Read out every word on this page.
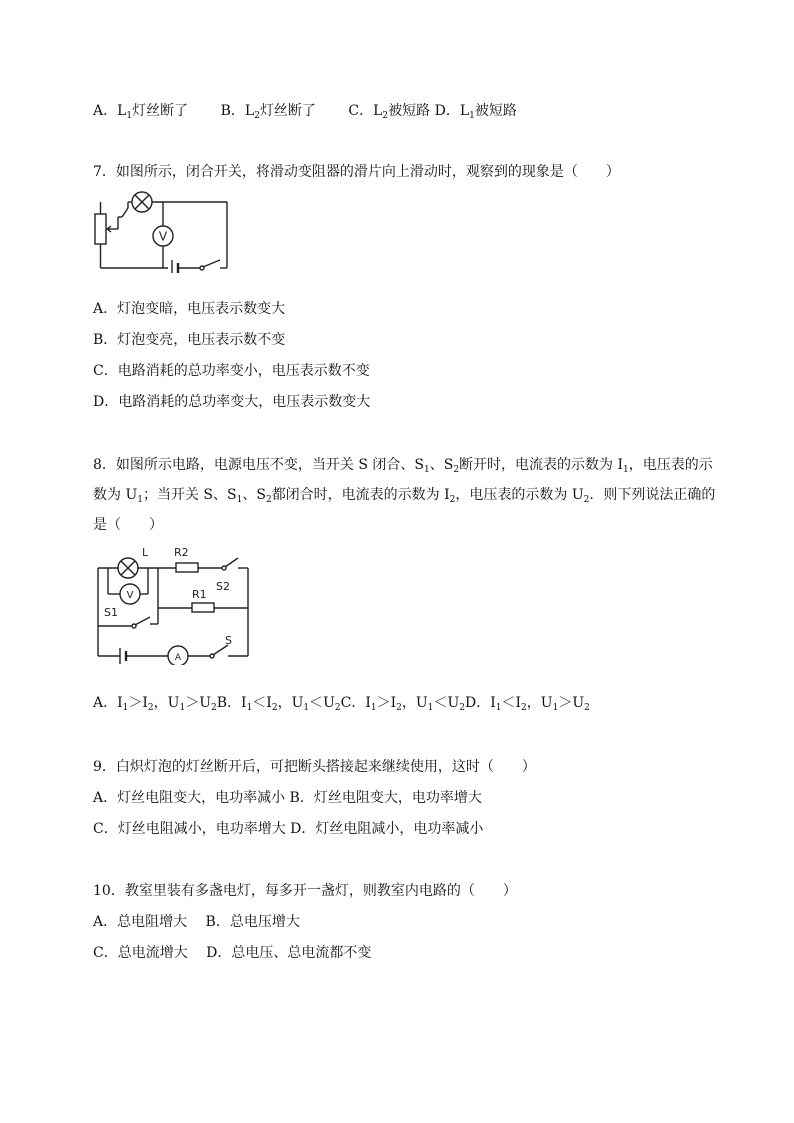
A．$L_1$灯丝断了　　 B．$L_2$灯丝断了　　 C．$L_2$被短路 D．$L_1$被短路
7．如图所示，闭合开关，将滑动变阻器的滑片向上滑动时，观察到的现象是（　　）
V
A．灯泡变暗，电压表示数变大
B．灯泡变亮，电压表示数不变
C．电路消耗的总功率变小，电压表示数不变
D．电路消耗的总功率变大，电压表示数变大
8．如图所示电路，电源电压不变，当开关 S 闭合、$S_1$、$S_2$断开时，电流表的示数为 $I_1$，电压表的示
数为 $U_1$；当开关 S、$S_1$、$S_2$都闭合时，电流表的示数为 $I_2$，电压表的示数为 $U_2$．则下列说法正确的
是（　　）
L R2
S2
V
S1
R1
A
S
A．$I_1>I_2$，$U_1>U_2B$．$I_1<I_2$，$U_1<U_2C$．$I_1>I_2$，$U_1<U_2D$．$I_1<I_2$，$U_1>U_2$
9．白炽灯泡的灯丝断开后，可把断头搭接起来继续使用，这时（　　）
A．灯丝电阻变大，电功率减小 B．灯丝电阻变大，电功率增大
C．灯丝电阻减小，电功率增大 D．灯丝电阻减小，电功率减小
10．教室里装有多盏电灯，每多开一盏灯，则教室内电路的（　　）
A．总电阻增大　 B．总电压增大
C．总电流增大　 D．总电压、总电流都不变
